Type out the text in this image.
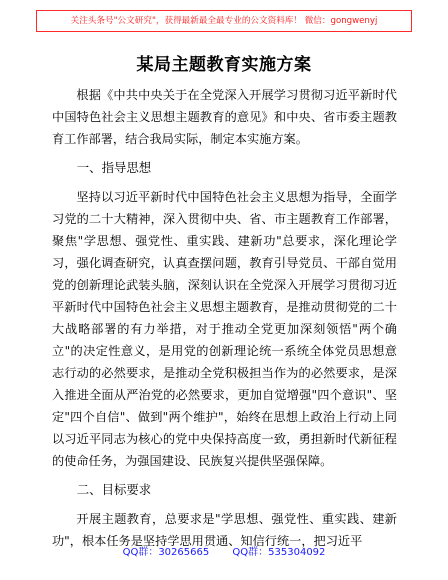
关注头条号"公文研究"，获得最新最全最专业的公文资料库！ 微信：gongwenyj
某局主题教育实施方案

根据《中共中央关于在全党深入开展学习贯彻习近平新时代中国特色社会主义思想主题教育的意见》和中央、省市委主题教育工作部署，结合我局实际，制定本实施方案。

一、指导思想

坚持以习近平新时代中国特色社会主义思想为指导，全面学习党的二十大精神，深入贯彻中央、省、市主题教育工作部署，聚焦"学思想、强党性、重实践、建新功"总要求，深化理论学习，强化调查研究，认真查摆问题，教育引导党员、干部自觉用党的创新理论武装头脑，深刻认识在全党深入开展学习贯彻习近平新时代中国特色社会主义思想主题教育，是推动贯彻党的二十大战略部署的有力举措，对于推动全党更加深刻领悟"两个确立"的决定性意义，是用党的创新理论统一系统全体党员思想意志行动的必然要求，是推动全党积极担当作为的必然要求，是深入推进全面从严治党的必然要求，更加自觉增强"四个意识"、坚定"四个自信"、做到"两个维护"，始终在思想上政治上行动上同以习近平同志为核心的党中央保持高度一致，勇担新时代新征程的使命任务，为强国建设、民族复兴提供坚强保障。

二、目标要求

开展主题教育，总要求是"学思想、强党性、重实践、建新功"，根本任务是坚持学思用贯通、知信行统一，把习近平

QQ群：30265665 QQ群：535304092
